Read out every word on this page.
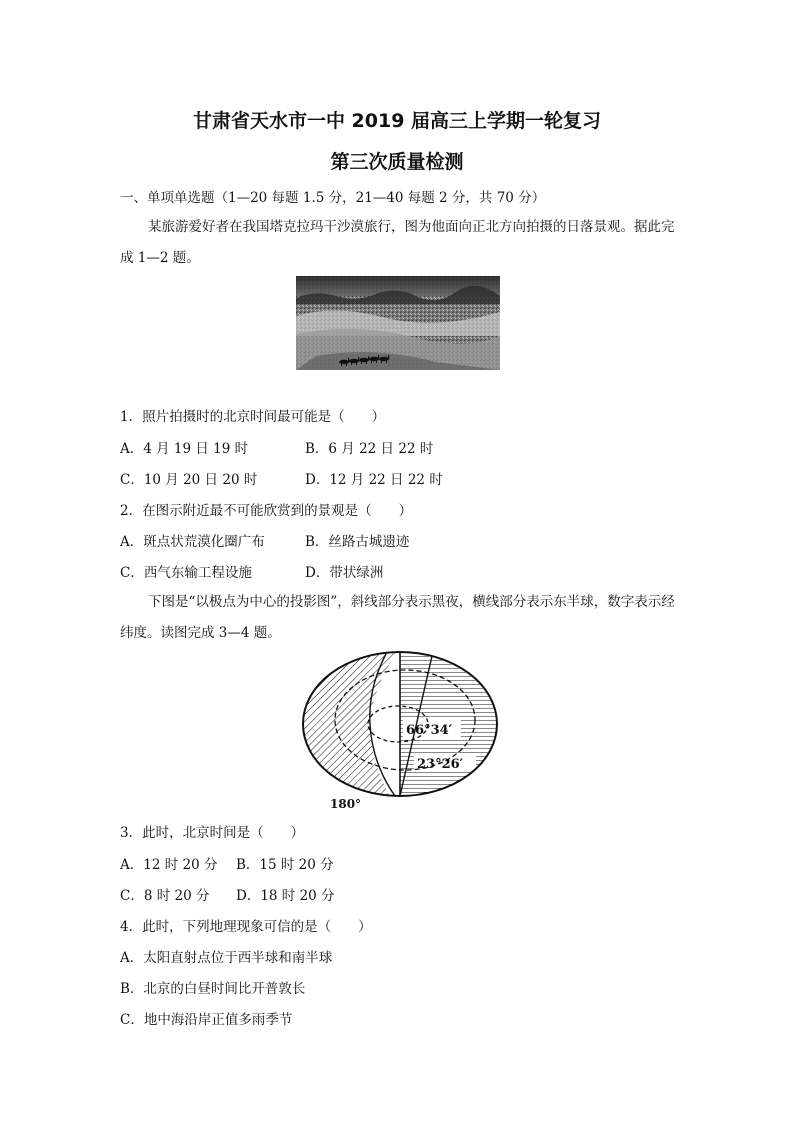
甘肃省天水市一中 2019 届高三上学期一轮复习
第三次质量检测
一、单项单选题（1—20 每题 1.5 分，21—40 每题 2 分，共 70 分）
某旅游爱好者在我国塔克拉玛干沙漠旅行，图为他面向正北方向拍摄的日落景观。据此完成 1—2 题。
1．照片拍摄时的北京时间最可能是（　　）
A．4 月 19 日 19 时	B．6 月 22 日 22 时
C．10 月 20 日 20 时	D．12 月 22 日 22 时
2．在图示附近最不可能欣赏到的景观是（　　）
A．斑点状荒漠化圈广布	B．丝路古城遗迹
C．西气东输工程设施	D．带状绿洲
下图是“以极点为中心的投影图”，斜线部分表示黑夜，横线部分表示东半球，数字表示经纬度。读图完成 3—4 题。
66°34′
23°26′
180°
3．此时，北京时间是（　　）
A．12 时 20 分 B．15 时 20 分
C．8 时 20 分 D．18 时 20 分
4．此时，下列地理现象可信的是（　　）
A．太阳直射点位于西半球和南半球
B．北京的白昼时间比开普敦长
C．地中海沿岸正值多雨季节
